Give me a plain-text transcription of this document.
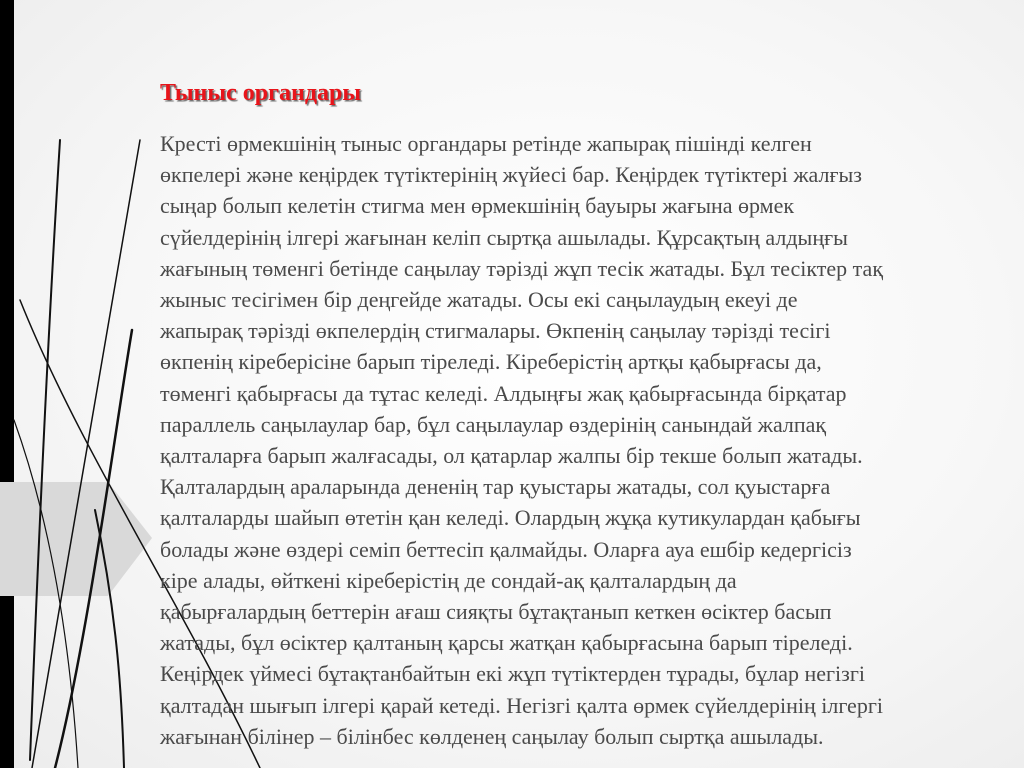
Тыныс органдары

Кресті өрмекшінің тыныс органдары ретінде жапырақ пішінді келген
өкпелері және кеңірдек түтіктерінің жүйесі бар. Кеңірдек түтіктері жалғыз
сыңар болып келетін стигма мен өрмекшінің бауыры жағына өрмек
сүйелдерінің ілгері жағынан келіп сыртқа ашылады. Құрсақтың алдыңғы
жағының төменгі бетінде саңылау тәрізді жұп тесік жатады. Бұл тесіктер тақ
жыныс тесігімен бір деңгейде жатады. Осы екі саңылаудың екеуі де
жапырақ тәрізді өкпелердің стигмалары. Өкпенің саңылау тәрізді тесігі
өкпенің кіреберісіне барып тіреледі. Кіреберістің артқы қабырғасы да,
төменгі қабырғасы да тұтас келеді. Алдыңғы жақ қабырғасында бірқатар
параллель саңылаулар бар, бұл саңылаулар өздерінің санындай жалпақ
қалталарға барып жалғасады, ол қатарлар жалпы бір текше болып жатады.
Қалталардың араларында дененің тар қуыстары жатады, сол қуыстарға
қалталарды шайып өтетін қан келеді. Олардың жұқа кутикулардан қабығы
болады және өздері семіп беттесіп қалмайды. Оларға ауа ешбір кедергісіз
кіре алады, өйткені кіреберістің де сондай-ақ қалталардың да
қабырғалардың беттерін ағаш сияқты бұтақтанып кеткен өсіктер басып
жатады, бұл өсіктер қалтаның қарсы жатқан қабырғасына барып тіреледі.
Кеңірдек үймесі бұтақтанбайтын екі жұп түтіктерден тұрады, бұлар негізгі
қалтадан шығып ілгері қарай кетеді. Негізгі қалта өрмек сүйелдерінің ілгергі
жағынан білінер – білінбес көлденең саңылау болып сыртқа ашылады.
